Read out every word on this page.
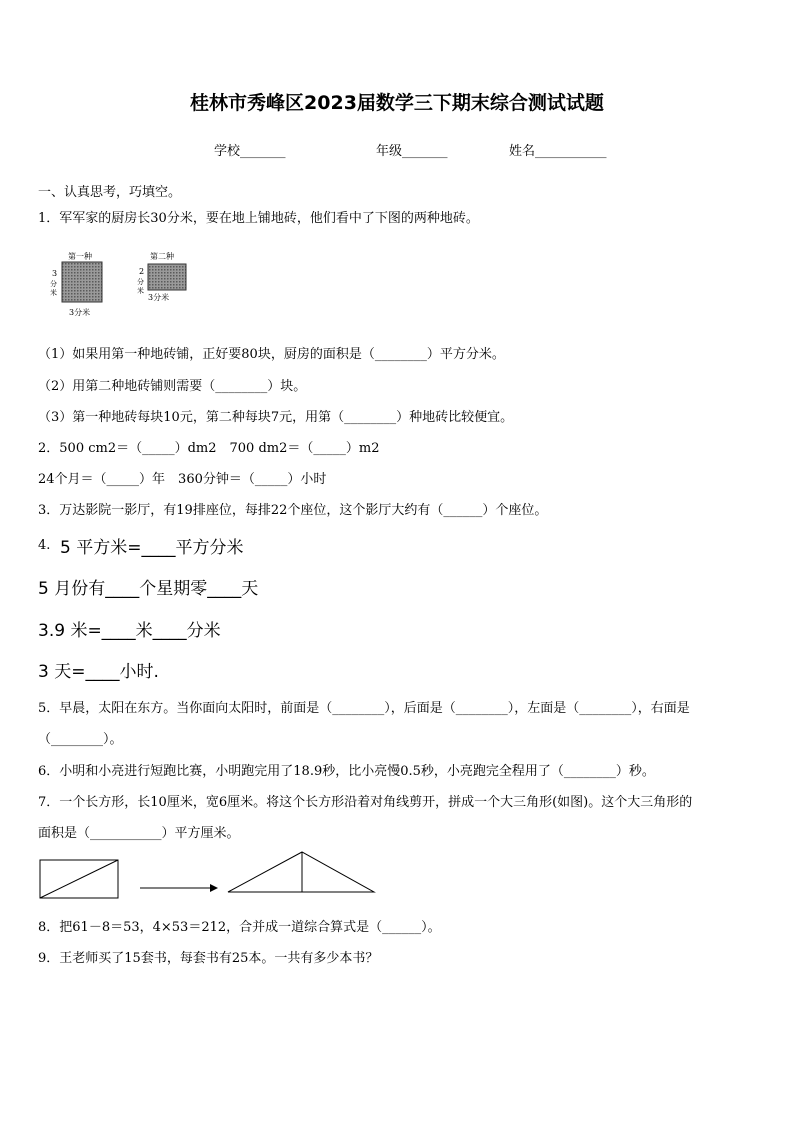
桂林市秀峰区2023届数学三下期末综合测试试题
学校_______	年级_______	姓名___________
一、认真思考，巧填空。
1．军军家的厨房长30分米，要在地上铺地砖，他们看中了下图的两种地砖。
第一种
3
分
米
3分米
第二种
2
分
米
3分米
（1）如果用第一种地砖铺，正好要80块，厨房的面积是（________）平方分米。
（2）用第二种地砖铺则需要（________）块。
（3）第一种地砖每块10元，第二种每块7元，用第（________）种地砖比较便宜。
2．500 cm2＝（_____）dm2　700 dm2＝（_____）m2
24个月＝（_____）年　360分钟＝（_____）小时
3．万达影院一影厅，有19排座位，每排22个座位，这个影厅大约有（______）个座位。
4. 5 平方米=____平方分米
5 月份有____个星期零____天
3.9 米=____米____分米
3 天=____小时.
5．早晨，太阳在东方。当你面向太阳时，前面是（________），后面是（________），左面是（________），右面是
（________）。
6．小明和小亮进行短跑比赛，小明跑完用了18.9秒，比小亮慢0.5秒，小亮跑完全程用了（________）秒。
7．一个长方形，长10厘米，宽6厘米。将这个长方形沿着对角线剪开，拼成一个大三角形(如图)。这个大三角形的
面积是（___________）平方厘米。
8．把61－8＝53，4×53＝212，合并成一道综合算式是（______）。
9．王老师买了15套书，每套书有25本。一共有多少本书？
